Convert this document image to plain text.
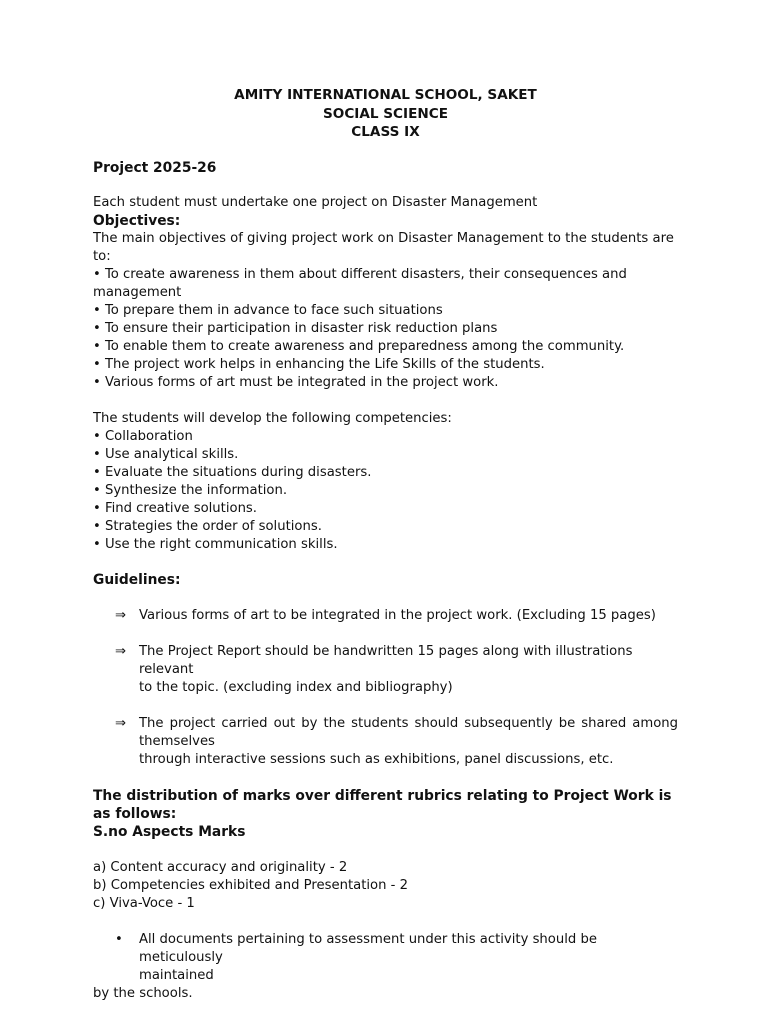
AMITY INTERNATIONAL SCHOOL, SAKET
SOCIAL SCIENCE
CLASS IX
Project 2025-26
Each student must undertake one project on Disaster Management
Objectives:
The main objectives of giving project work on Disaster Management to the students are to:
• To create awareness in them about different disasters, their consequences and management
• To prepare them in advance to face such situations
• To ensure their participation in disaster risk reduction plans
• To enable them to create awareness and preparedness among the community.
• The project work helps in enhancing the Life Skills of the students.
• Various forms of art must be integrated in the project work.
The students will develop the following competencies:
• Collaboration
• Use analytical skills.
• Evaluate the situations during disasters.
• Synthesize the information.
• Find creative solutions.
• Strategies the order of solutions.
• Use the right communication skills.
Guidelines:
⇒ Various forms of art to be integrated in the project work. (Excluding 15 pages)
⇒ The Project Report should be handwritten 15 pages along with illustrations relevant
to the topic. (excluding index and bibliography)
⇒ The project carried out by the students should subsequently be shared among
themselves
through interactive sessions such as exhibitions, panel discussions, etc.
The distribution of marks over different rubrics relating to Project Work is as follows:
S.no Aspects Marks
a) Content accuracy and originality - 2
b) Competencies exhibited and Presentation - 2
c) Viva-Voce - 1
• All documents pertaining to assessment under this activity should be meticulously
maintained
by the schools.
